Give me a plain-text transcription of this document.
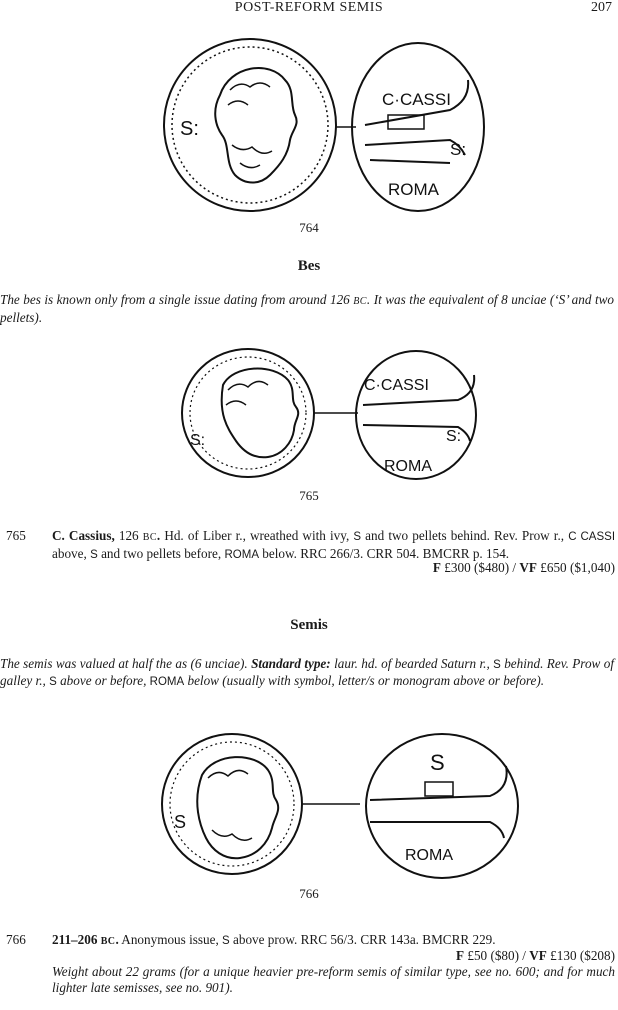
POST-REFORM SEMIS	207
S:
C·CASSI
S:
ROMA
764
Bes
The bes is known only from a single issue dating from around 126 BC. It was the equivalent of 8 unciae (‘S’ and two pellets).
S:
C·CASSI
S:
ROMA
765
765 C. Cassius, 126 BC. Hd. of Liber r., wreathed with ivy, S and two pellets behind. Rev. Prow r., C CASSI above, S and two pellets before, ROMA below. RRC 266/3. CRR 504. BMCRR p. 154.
F £300 ($480) / VF £650 ($1,040)
Semis
The semis was valued at half the as (6 unciae). Standard type: laur. hd. of bearded Saturn r., S behind. Rev. Prow of galley r., S above or before, ROMA below (usually with symbol, letter/s or monogram above or before).
S
S
ROMA
766
766 211–206 BC. Anonymous issue, S above prow. RRC 56/3. CRR 143a. BMCRR 229.
F £50 ($80) / VF £130 ($208)
Weight about 22 grams (for a unique heavier pre-reform semis of similar type, see no. 600; and for much lighter late semisses, see no. 901).
